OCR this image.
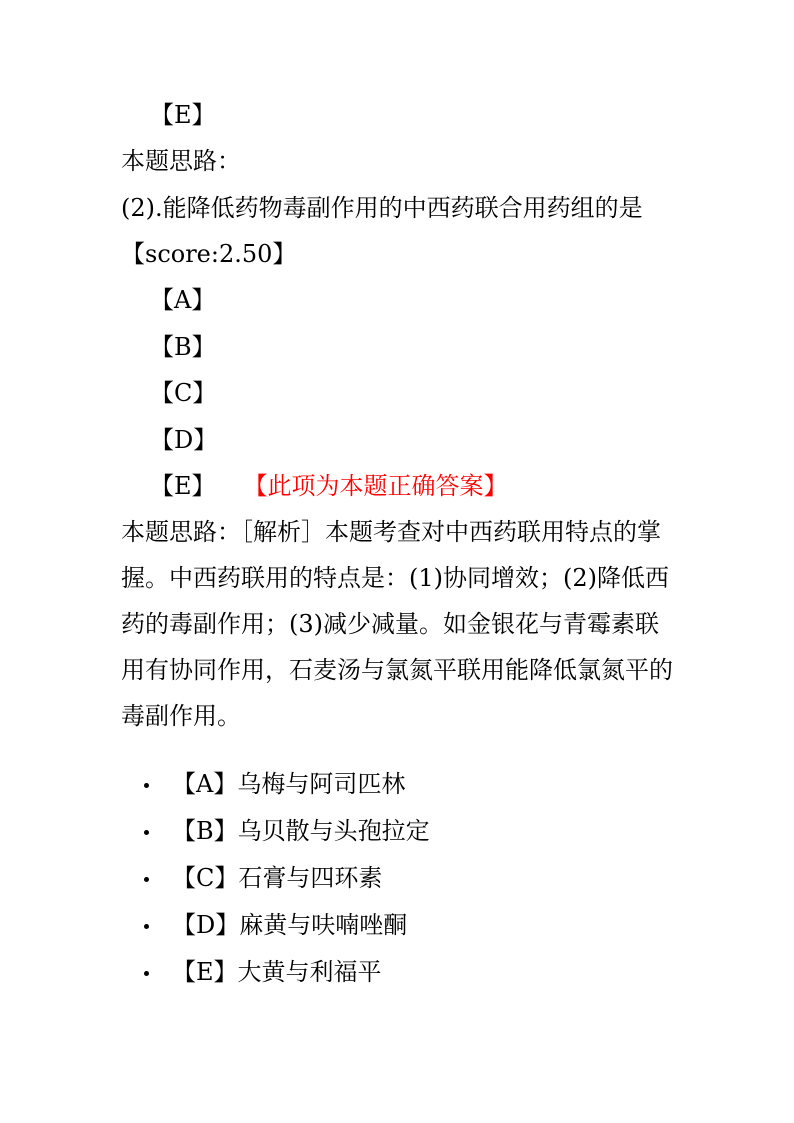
【E】
本题思路：
(2).能降低药物毒副作用的中西药联合用药组的是
【score:2.50】
【A】
【B】
【C】
【D】
【E】 【此项为本题正确答案】
本题思路：［解析］本题考查对中西药联用特点的掌
握。中西药联用的特点是：(1)协同增效；(2)降低西
药的毒副作用；(3)减少减量。如金银花与青霉素联
用有协同作用，石麦汤与氯氮平联用能降低氯氮平的
毒副作用。
【A】乌梅与阿司匹林
【B】乌贝散与头孢拉定
【C】石膏与四环素
【D】麻黄与呋喃唑酮
【E】大黄与利福平
